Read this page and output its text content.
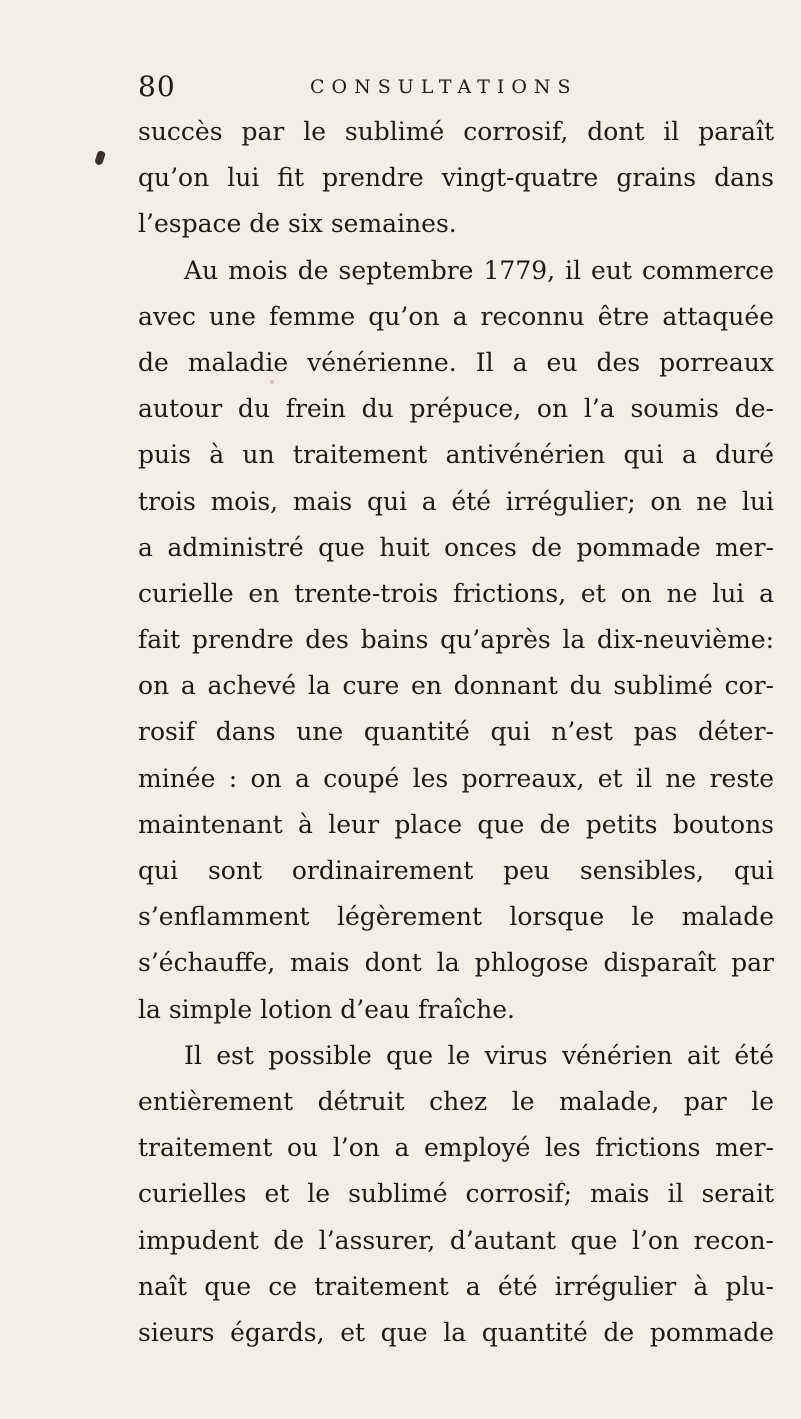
80	CONSULTATIONS
succès par le sublimé corrosif, dont il paraît
qu’on lui fit prendre vingt-quatre grains dans
l’espace de six semaines.
Au mois de septembre 1779, il eut commerce
avec une femme qu’on a reconnu être attaquée
de maladie vénérienne. Il a eu des porreaux
autour du frein du prépuce, on l’a soumis de-
puis à un traitement antivénérien qui a duré
trois mois, mais qui a été irrégulier; on ne lui
a administré que huit onces de pommade mer-
curielle en trente-trois frictions, et on ne lui a
fait prendre des bains qu’après la dix-neuvième:
on a achevé la cure en donnant du sublimé cor-
rosif dans une quantité qui n’est pas déter-
minée : on a coupé les porreaux, et il ne reste
maintenant à leur place que de petits boutons
qui sont ordinairement peu sensibles, qui
s’enflamment légèrement lorsque le malade
s’échauffe, mais dont la phlogose disparaît par
la simple lotion d’eau fraîche.
Il est possible que le virus vénérien ait été
entièrement détruit chez le malade, par le
traitement ou l’on a employé les frictions mer-
curielles et le sublimé corrosif; mais il serait
impudent de l’assurer, d’autant que l’on recon-
naît que ce traitement a été irrégulier à plu-
sieurs égards, et que la quantité de pommade
